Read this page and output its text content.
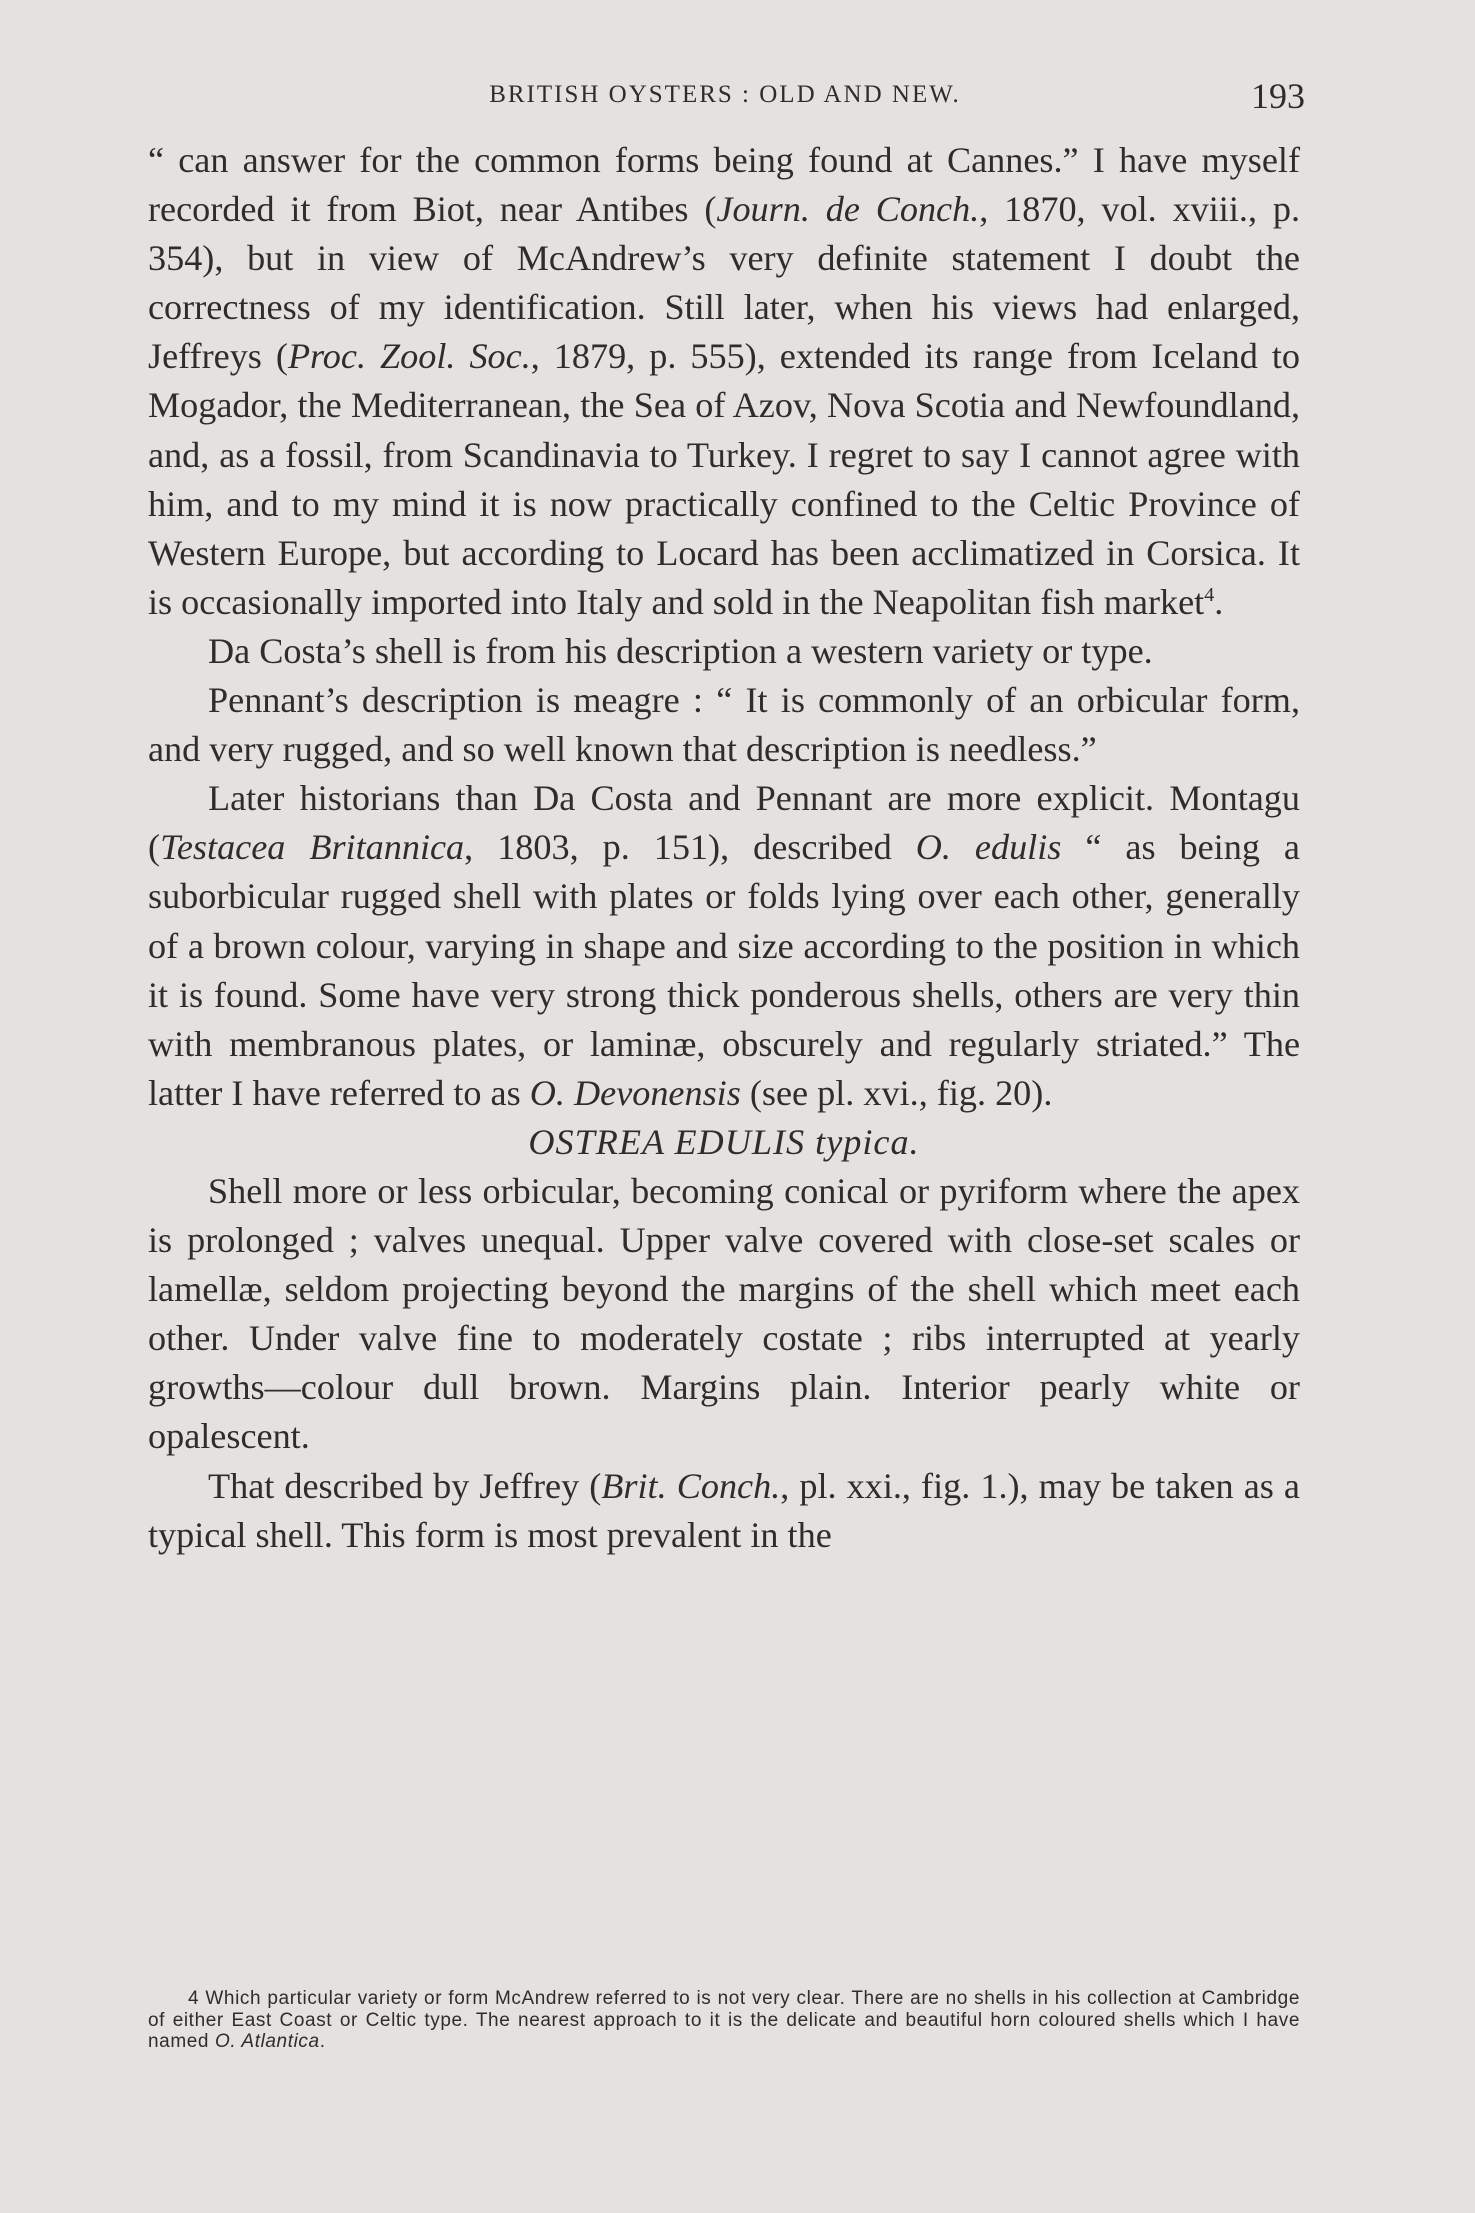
BRITISH OYSTERS : OLD AND NEW.	193

“ can answer for the common forms being found at Cannes.” I have myself recorded it from Biot, near Antibes (Journ. de Conch., 1870, vol. xviii., p. 354), but in view of McAndrew’s very definite statement I doubt the correctness of my identification. Still later, when his views had enlarged, Jeffreys (Proc. Zool. Soc., 1879, p. 555), extended its range from Iceland to Mogador, the Mediterranean, the Sea of Azov, Nova Scotia and Newfoundland, and, as a fossil, from Scandinavia to Turkey. I regret to say I cannot agree with him, and to my mind it is now practically confined to the Celtic Province of Western Europe, but according to Locard has been acclimatized in Corsica. It is occasionally imported into Italy and sold in the Neapolitan fish market$^4$.

Da Costa’s shell is from his description a western variety or type.

Pennant’s description is meagre : “ It is commonly of an orbicular form, and very rugged, and so well known that description is needless.”

Later historians than Da Costa and Pennant are more explicit. Montagu (Testacea Britannica, 1803, p. 151), described O. edulis “ as being a suborbicular rugged shell with plates or folds lying over each other, generally of a brown colour, varying in shape and size according to the position in which it is found. Some have very strong thick ponderous shells, others are very thin with membranous plates, or laminæ, obscurely and regularly striated.” The latter I have referred to as O. Devonensis (see pl. xvi., fig. 20).

OSTREA EDULIS typica.

Shell more or less orbicular, becoming conical or pyriform where the apex is prolonged ; valves unequal. Upper valve covered with close-set scales or lamellæ, seldom projecting beyond the margins of the shell which meet each other. Under valve fine to moderately costate ; ribs interrupted at yearly growths—colour dull brown. Margins plain. Interior pearly white or opalescent.

That described by Jeffrey (Brit. Conch., pl. xxi., fig. 1.), may be taken as a typical shell. This form is most prevalent in the

4 Which particular variety or form McAndrew referred to is not very clear. There are no shells in his collection at Cambridge of either East Coast or Celtic type. The nearest approach to it is the delicate and beautiful horn coloured shells which I have named O. Atlantica.
